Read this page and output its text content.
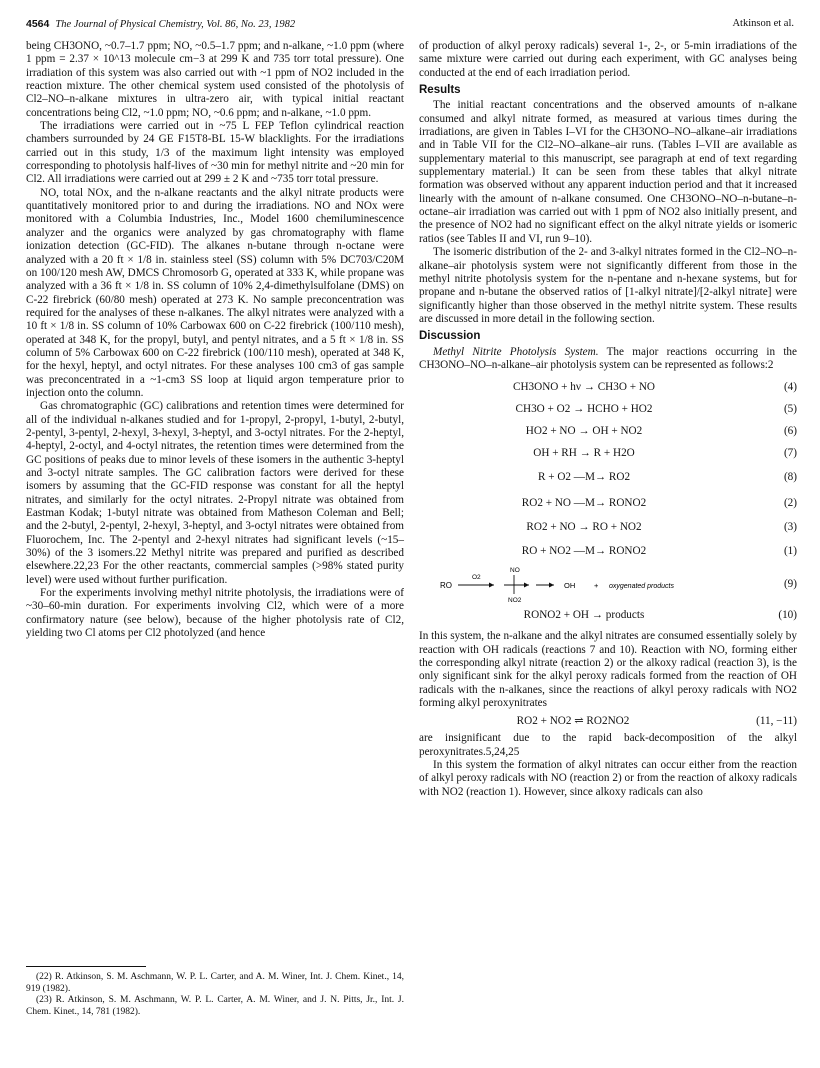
4564 The Journal of Physical Chemistry, Vol. 86, No. 23, 1982	Atkinson et al.

being CH3ONO, ~0.7–1.7 ppm; NO, ~0.5–1.7 ppm; and n-alkane, ~1.0 ppm (where 1 ppm = 2.37 × 10^13 molecule cm−3 at 299 K and 735 torr total pressure). One irradiation of this system was also carried out with ~1 ppm of NO2 included in the reaction mixture. The other chemical system used consisted of the photolysis of Cl2–NO–n-alkane mixtures in ultra-zero air, with typical initial reactant concentrations being Cl2, ~1.0 ppm; NO, ~0.6 ppm; and n-alkane, ~1.0 ppm.

The irradiations were carried out in ~75 L FEP Teflon cylindrical reaction chambers surrounded by 24 GE F15T8-BL 15-W blacklights. For the irradiations carried out in this study, 1/3 of the maximum light intensity was employed corresponding to photolysis half-lives of ~30 min for methyl nitrite and ~20 min for Cl2. All irradiations were carried out at 299 ± 2 K and ~735 torr total pressure.

NO, total NOx, and the n-alkane reactants and the alkyl nitrate products were quantitatively monitored prior to and during the irradiations. NO and NOx were monitored with a Columbia Industries, Inc., Model 1600 chemiluminescence analyzer and the organics were analyzed by gas chromatography with flame ionization detection (GC-FID). The alkanes n-butane through n-octane were analyzed with a 20 ft × 1/8 in. stainless steel (SS) column with 5% DC703/C20M on 100/120 mesh AW, DMCS Chromosorb G, operated at 333 K, while propane was analyzed with a 36 ft × 1/8 in. SS column of 10% 2,4-dimethylsulfolane (DMS) on C-22 firebrick (60/80 mesh) operated at 273 K. No sample preconcentration was required for the analyses of these n-alkanes. The alkyl nitrates were analyzed with a 10 ft × 1/8 in. SS column of 10% Carbowax 600 on C-22 firebrick (100/110 mesh), operated at 348 K, for the propyl, butyl, and pentyl nitrates, and a 5 ft × 1/8 in. SS column of 5% Carbowax 600 on C-22 firebrick (100/110 mesh), operated at 348 K, for the hexyl, heptyl, and octyl nitrates. For these analyses 100 cm3 of gas sample was preconcentrated in a ~1-cm3 SS loop at liquid argon temperature prior to injection onto the column.

Gas chromatographic (GC) calibrations and retention times were determined for all of the individual n-alkanes studied and for 1-propyl, 2-propyl, 1-butyl, 2-butyl, 2-pentyl, 3-pentyl, 2-hexyl, 3-hexyl, 3-heptyl, and 3-octyl nitrates. For the 2-heptyl, 4-heptyl, 2-octyl, and 4-octyl nitrates, the retention times were determined from the GC positions of peaks due to minor levels of these isomers in the authentic 3-heptyl and 3-octyl nitrate samples. The GC calibration factors were derived for these isomers by assuming that the GC-FID response was constant for all the heptyl nitrates, and similarly for the octyl nitrates. 2-Propyl nitrate was obtained from Eastman Kodak; 1-butyl nitrate was obtained from Matheson Coleman and Bell; and the 2-butyl, 2-pentyl, 2-hexyl, 3-heptyl, and 3-octyl nitrates were obtained from Fluorochem, Inc. The 2-pentyl and 2-hexyl nitrates had significant levels (~15–30%) of the 3 isomers.22 Methyl nitrite was prepared and purified as described elsewhere.22,23 For the other reactants, commercial samples (>98% stated purity level) were used without further purification.

For the experiments involving methyl nitrite photolysis, the irradiations were of ~30–60-min duration. For experiments involving Cl2, which were of a more confirmatory nature (see below), because of the higher photolysis rate of Cl2, yielding two Cl atoms per Cl2 photolyzed (and hence

(22) R. Atkinson, S. M. Aschmann, W. P. L. Carter, and A. M. Winer, Int. J. Chem. Kinet., 14, 919 (1982).

(23) R. Atkinson, S. M. Aschmann, W. P. L. Carter, A. M. Winer, and J. N. Pitts, Jr., Int. J. Chem. Kinet., 14, 781 (1982).

of production of alkyl peroxy radicals) several 1-, 2-, or 5-min irradiations of the same mixture were carried out during each experiment, with GC analyses being conducted at the end of each irradiation period.

Results

The initial reactant concentrations and the observed amounts of n-alkane consumed and alkyl nitrate formed, as measured at various times during the irradiations, are given in Tables I–VI for the CH3ONO–NO–alkane–air irradiations and in Table VII for the Cl2–NO–alkane–air runs. (Tables I–VII are available as supplementary material to this manuscript, see paragraph at end of text regarding supplementary material.) It can be seen from these tables that alkyl nitrate formation was observed without any apparent induction period and that it increased linearly with the amount of n-alkane consumed. One CH3ONO–NO–n-butane–n-octane–air irradiation was carried out with 1 ppm of NO2 also initially present, and the presence of NO2 had no significant effect on the alkyl nitrate yields or isomeric ratios (see Tables II and VI, run 9–10).

The isomeric distribution of the 2- and 3-alkyl nitrates formed in the Cl2–NO–n-alkane–air photolysis system were not significantly different from those in the methyl nitrite photolysis system for the n-pentane and n-hexane systems, but for propane and n-butane the observed ratios of [1-alkyl nitrate]/[2-alkyl nitrate] were significantly higher than those observed in the methyl nitrite system. These results are discussed in more detail in the following section.

Discussion

Methyl Nitrite Photolysis System. The major reactions occurring in the CH3ONO–NO–n-alkane–air photolysis system can be represented as follows:2

CH3ONO + hν → CH3O + NO	(4)
CH3O + O2 → HCHO + HO2	(5)
HO2 + NO → OH + NO2	(6)
OH + RH → R + H2O	(7)
R + O2 —M→ RO2	(8)
RO2 + NO —M→ RONO2	(2)
RO2 + NO → RO + NO2	(3)
RO + NO2 —M→ RONO2	(1)
RO
O2
NO
NO2
OH	+ oxygenated products	(9)
RONO2 + OH → products	(10)

In this system, the n-alkane and the alkyl nitrates are consumed essentially solely by reaction with OH radicals (reactions 7 and 10). Reaction with NO, forming either the corresponding alkyl nitrate (reaction 2) or the alkoxy radical (reaction 3), is the only significant sink for the alkyl peroxy radicals formed from the reaction of OH radicals with the n-alkanes, since the reactions of alkyl peroxy radicals with NO2 forming alkyl peroxynitrates

RO2 + NO2 ⇌ RO2NO2	(11, −11)

are insignificant due to the rapid back-decomposition of the alkyl peroxynitrates.5,24,25

In this system the formation of alkyl nitrates can occur either from the reaction of alkyl peroxy radicals with NO (reaction 2) or from the reaction of alkoxy radicals with NO2 (reaction 1). However, since alkoxy radicals can also
